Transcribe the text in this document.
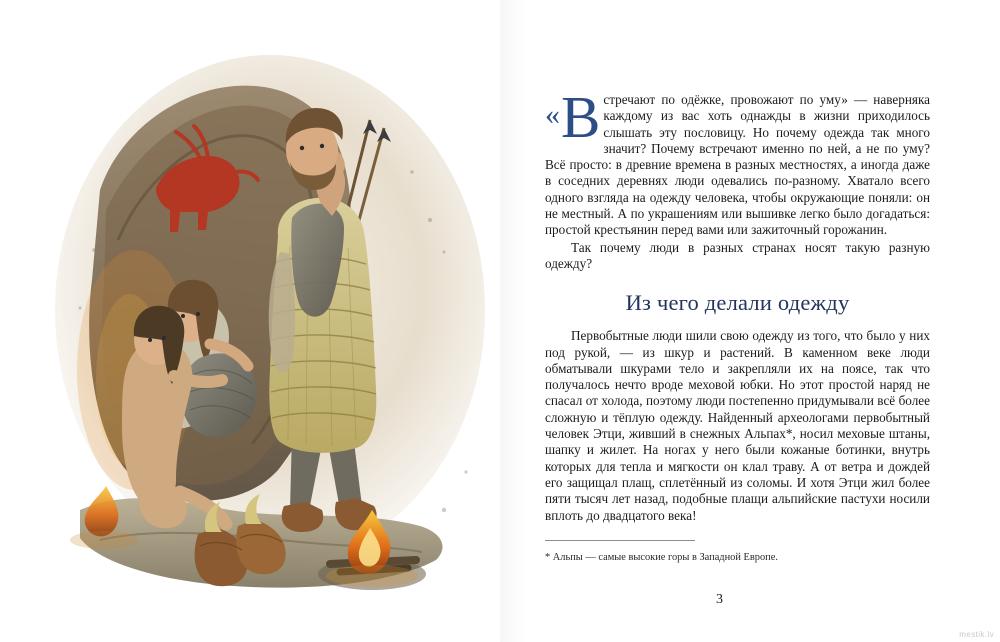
« В стречают по одёжке, провожают по уму» — наверняка каждому из вас хоть однажды в жизни приходилось слышать эту пословицу. Но почему одежда так много значит? Почему встречают именно по ней, а не по уму? Всё просто: в древние времена в разных местностях, а иногда даже в соседних деревнях люди одевались по-разному. Хватало всего одного взгляда на одежду человека, чтобы окружающие поняли: он не местный. А по украшениям или вышивке легко было догадаться: простой крестьянин перед вами или зажиточный горожанин.

Так почему люди в разных странах носят такую разную одежду?

Из чего делали одежду

Первобытные люди шили свою одежду из того, что было у них под рукой, — из шкур и растений. В каменном веке люди обматывали шкурами тело и закрепляли их на поясе, так что получалось нечто вроде меховой юбки. Но этот простой наряд не спасал от холода, поэтому люди постепенно придумывали всё более сложную и тёплую одежду. Найденный археологами первобытный человек Этци, живший в снежных Альпах*, носил меховые штаны, шапку и жилет. На ногах у него были кожаные ботинки, внутрь которых для тепла и мягкости он клал траву. А от ветра и дождей его защищал плащ, сплетённый из соломы. И хотя Этци жил более пяти тысяч лет назад, подобные плащи альпийские пастухи носили вплоть до двадцатого века!

* Альпы — самые высокие горы в Западной Европе.

3
mestik.lv
